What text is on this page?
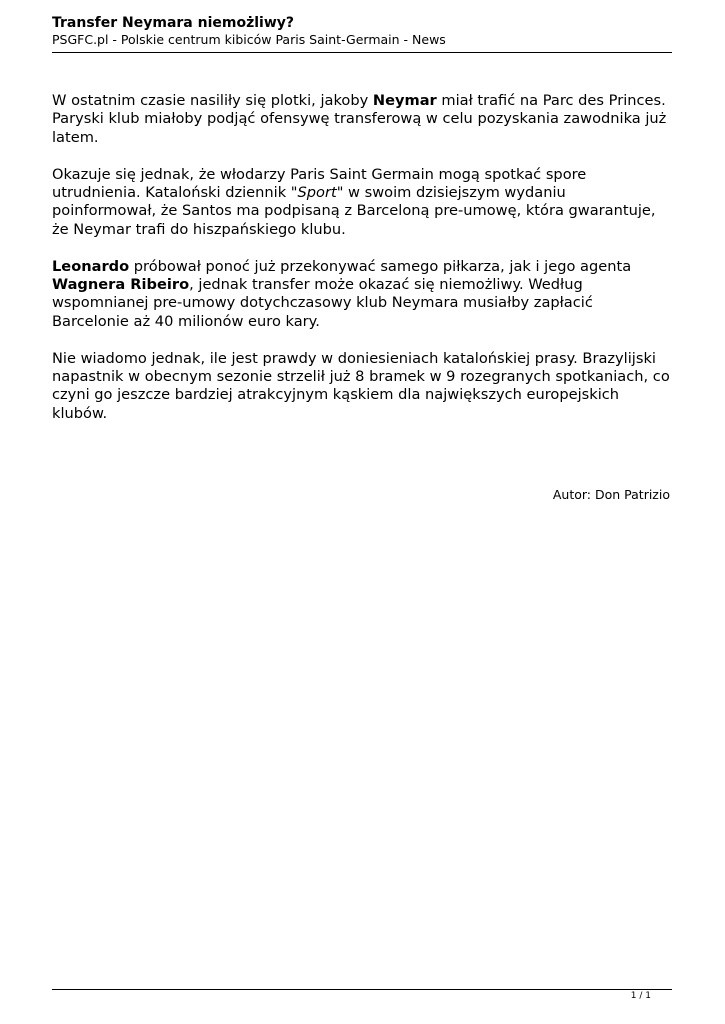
Transfer Neymara niemożliwy?

PSGFC.pl - Polskie centrum kibiców Paris Saint-Germain - News

W ostatnim czasie nasiliły się plotki, jakoby Neymar miał trafić na Parc des Princes. Paryski klub miałoby podjąć ofensywę transferową w celu pozyskania zawodnika już latem.

Okazuje się jednak, że włodarzy Paris Saint Germain mogą spotkać spore utrudnienia. Kataloński dziennik "Sport" w swoim dzisiejszym wydaniu poinformował, że Santos ma podpisaną z Barceloną pre-umowę, która gwarantuje, że Neymar trafi do hiszpańskiego klubu.

Leonardo próbował ponoć już przekonywać samego piłkarza, jak i jego agenta Wagnera Ribeiro, jednak transfer może okazać się niemożliwy. Według wspomnianej pre-umowy dotychczasowy klub Neymara musiałby zapłacić Barcelonie aż 40 milionów euro kary.

Nie wiadomo jednak, ile jest prawdy w doniesieniach katalońskiej prasy. Brazylijski napastnik w obecnym sezonie strzelił już 8 bramek w 9 rozegranych spotkaniach, co czyni go jeszcze bardziej atrakcyjnym kąskiem dla największych europejskich klubów.

Autor: Don Patrizio
1 / 1
